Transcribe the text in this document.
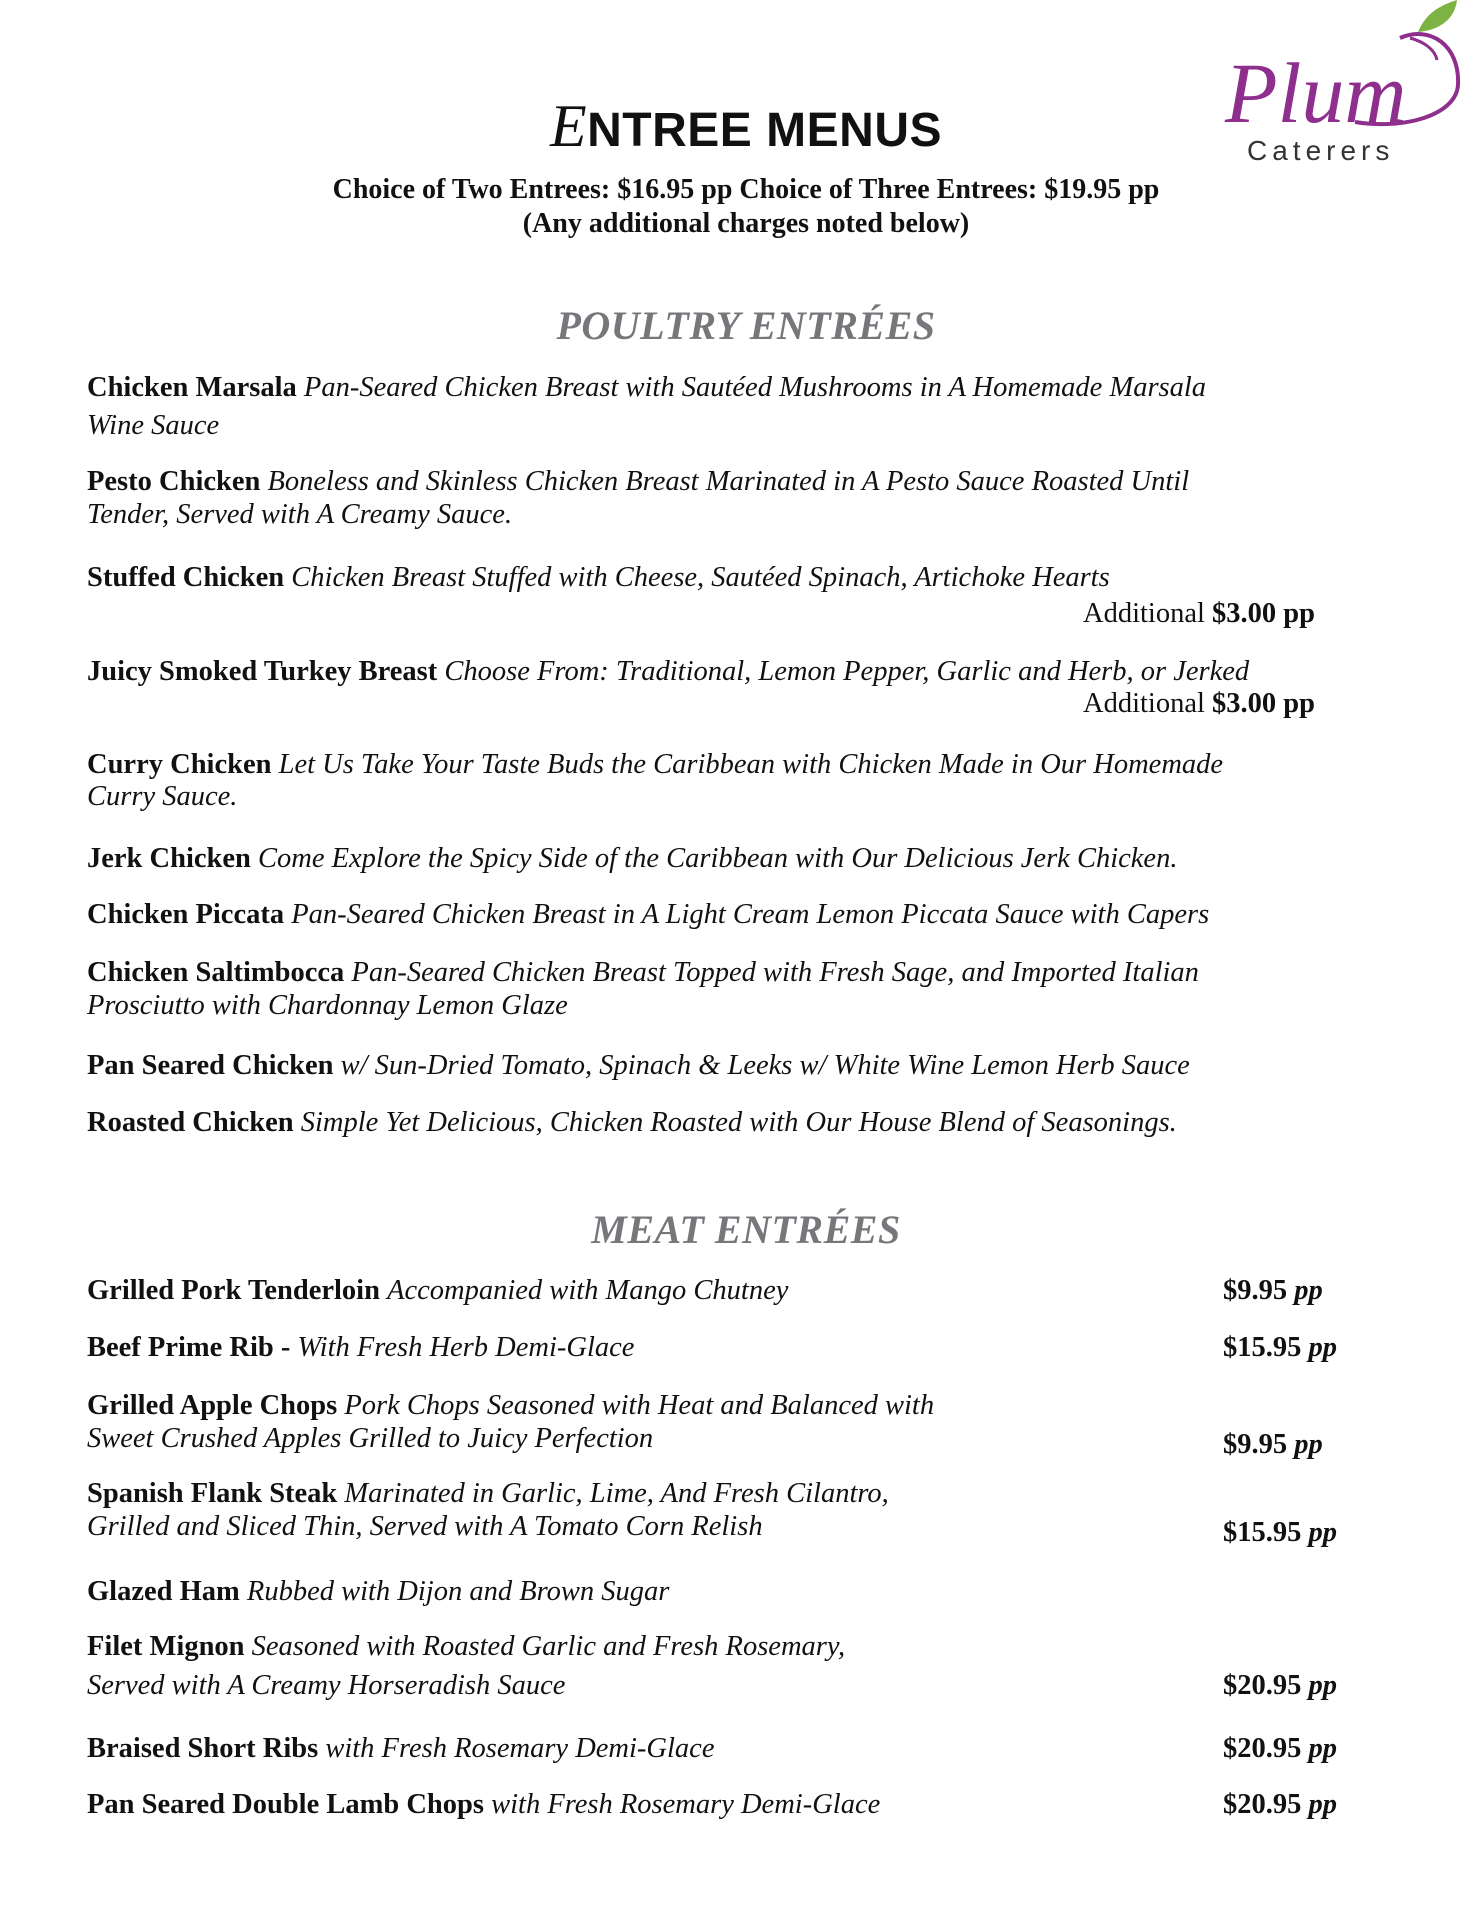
Plum
Caterers
ENTREE MENUS
Choice of Two Entrees: $16.95 pp Choice of Three Entrees: $19.95 pp
(Any additional charges noted below)
POULTRY ENTRÉES
Chicken Marsala Pan-Seared Chicken Breast with Sautéed Mushrooms in A Homemade Marsala
Wine Sauce
Pesto Chicken Boneless and Skinless Chicken Breast Marinated in A Pesto Sauce Roasted Until
Tender, Served with A Creamy Sauce.
Stuffed Chicken Chicken Breast Stuffed with Cheese, Sautéed Spinach, Artichoke Hearts
Additional $3.00 pp
Juicy Smoked Turkey Breast Choose From: Traditional, Lemon Pepper, Garlic and Herb, or Jerked
Additional $3.00 pp
Curry Chicken Let Us Take Your Taste Buds the Caribbean with Chicken Made in Our Homemade
Curry Sauce.
Jerk Chicken Come Explore the Spicy Side of the Caribbean with Our Delicious Jerk Chicken.
Chicken Piccata Pan-Seared Chicken Breast in A Light Cream Lemon Piccata Sauce with Capers
Chicken Saltimbocca Pan-Seared Chicken Breast Topped with Fresh Sage, and Imported Italian
Prosciutto with Chardonnay Lemon Glaze
Pan Seared Chicken w/ Sun-Dried Tomato, Spinach & Leeks w/ White Wine Lemon Herb Sauce
Roasted Chicken Simple Yet Delicious, Chicken Roasted with Our House Blend of Seasonings.
MEAT ENTRÉES
Grilled Pork Tenderloin Accompanied with Mango Chutney	$9.95 pp
Beef Prime Rib - With Fresh Herb Demi-Glace	$15.95 pp
Grilled Apple Chops Pork Chops Seasoned with Heat and Balanced with
Sweet Crushed Apples Grilled to Juicy Perfection	$9.95 pp
Spanish Flank Steak Marinated in Garlic, Lime, And Fresh Cilantro,
Grilled and Sliced Thin, Served with A Tomato Corn Relish	$15.95 pp
Glazed Ham Rubbed with Dijon and Brown Sugar
Filet Mignon Seasoned with Roasted Garlic and Fresh Rosemary,
Served with A Creamy Horseradish Sauce	$20.95 pp
Braised Short Ribs with Fresh Rosemary Demi-Glace	$20.95 pp
Pan Seared Double Lamb Chops with Fresh Rosemary Demi-Glace	$20.95 pp
